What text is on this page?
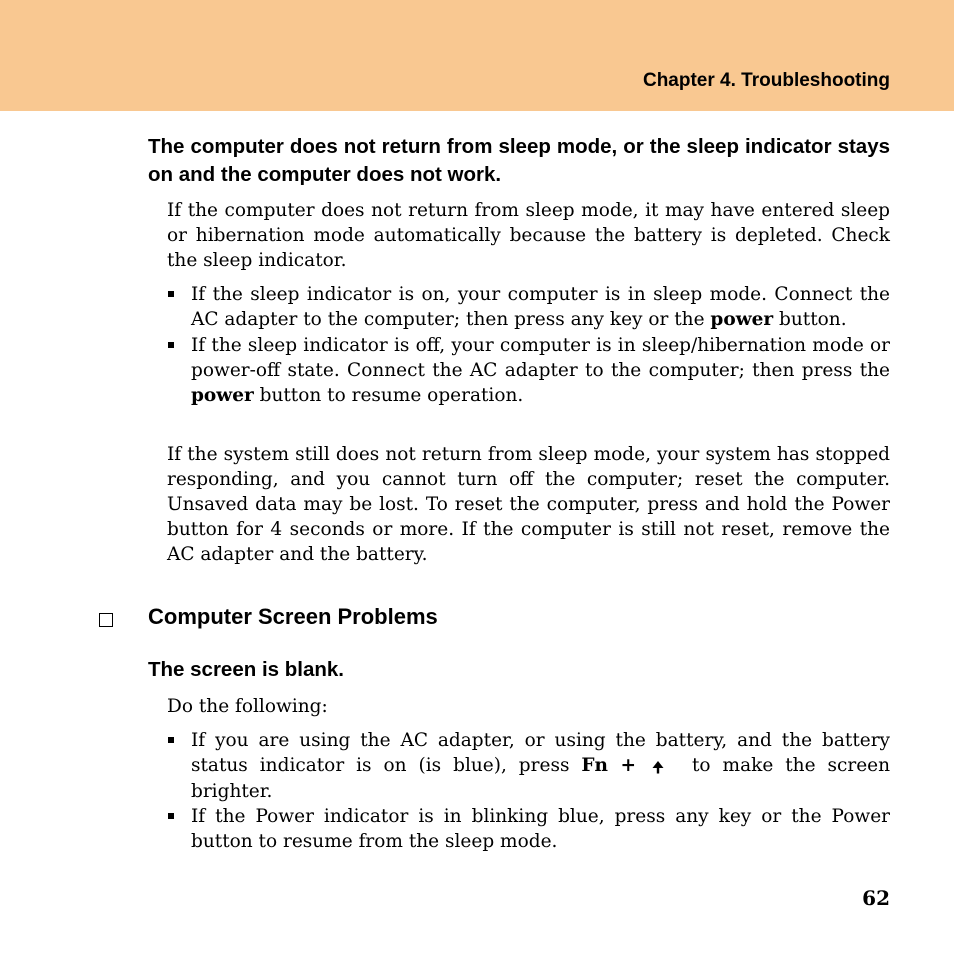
Chapter 4. Troubleshooting
The computer does not return from sleep mode, or the sleep indicator stays on and the computer does not work.
If the computer does not return from sleep mode, it may have entered sleep or hibernation mode automatically because the battery is depleted. Check the sleep indicator.
If the sleep indicator is on, your computer is in sleep mode. Connect the AC adapter to the computer; then press any key or the power button.
If the sleep indicator is off, your computer is in sleep/hibernation mode or power-off state. Connect the AC adapter to the computer; then press the power button to resume operation.
If the system still does not return from sleep mode, your system has stopped responding, and you cannot turn off the computer; reset the computer. Unsaved data may be lost. To reset the computer, press and hold the Power button for 4 seconds or more. If the computer is still not reset, remove the AC adapter and the battery.
Computer Screen Problems
The screen is blank.
Do the following:
If you are using the AC adapter, or using the battery, and the battery status indicator is on (is blue), press Fn + to make the screen brighter.
If the Power indicator is in blinking blue, press any key or the Power button to resume from the sleep mode.
62
